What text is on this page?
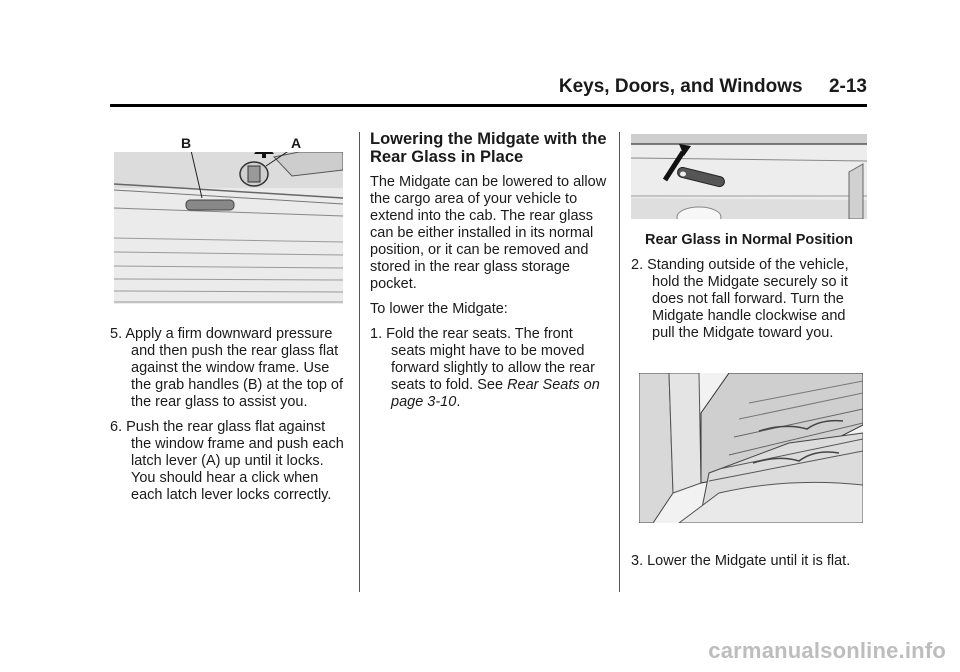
Keys, Doors, and Windows     2-13
B	A

5. Apply a firm downward pressure and then push the rear glass flat against the window frame. Use the grab handles (B) at the top of the rear glass to assist you.

6. Push the rear glass flat against the window frame and push each latch lever (A) up until it locks. You should hear a click when each latch lever locks correctly.

Lowering the Midgate with the Rear Glass in Place

The Midgate can be lowered to allow the cargo area of your vehicle to extend into the cab. The rear glass can be either installed in its normal position, or it can be removed and stored in the rear glass storage pocket.

To lower the Midgate:

1. Fold the rear seats. The front seats might have to be moved forward slightly to allow the rear seats to fold. See Rear Seats on page 3-10.

Rear Glass in Normal Position

2. Standing outside of the vehicle, hold the Midgate securely so it does not fall forward. Turn the Midgate handle clockwise and pull the Midgate toward you.

3. Lower the Midgate until it is flat.

carmanualsonline.info
